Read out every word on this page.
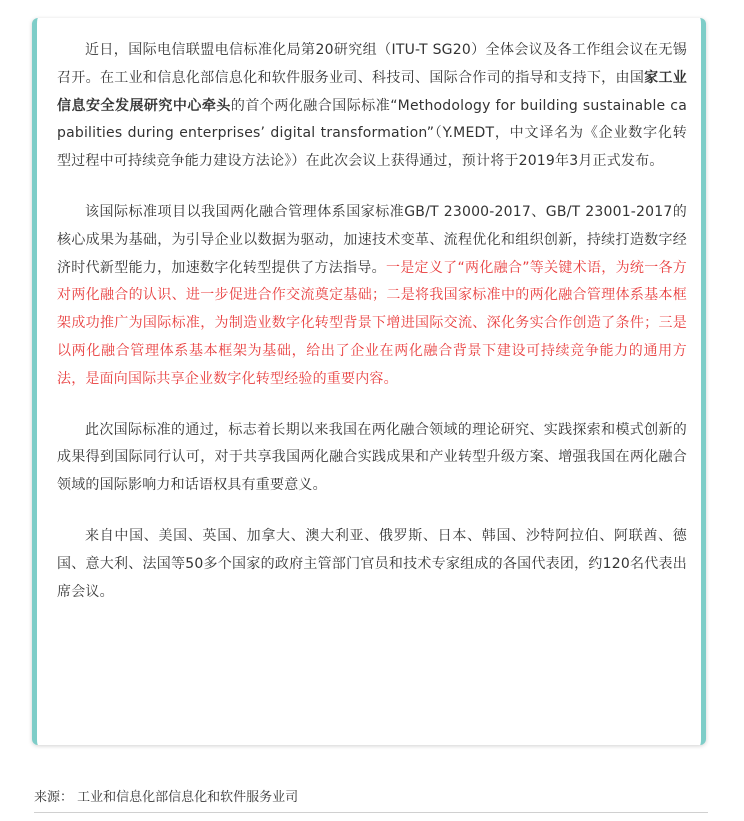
近日，国际电信联盟电信标准化局第20研究组（ITU-T SG20）全体会议及各工作组会议在无锡召开。在工业和信息化部信息化和软件服务业司、科技司、国际合作司的指导和支持下，由国家工业信息安全发展研究中心牵头的首个两化融合国际标准“Methodology for building sustainable capabilities during enterprises’ digital transformation”（Y.MEDT，中文译名为《企业数字化转型过程中可持续竞争能力建设方法论》）在此次会议上获得通过，预计将于2019年3月正式发布。

该国际标准项目以我国两化融合管理体系国家标准GB/T 23000-2017、GB/T 23001-2017的核心成果为基础，为引导企业以数据为驱动，加速技术变革、流程优化和组织创新，持续打造数字经济时代新型能力，加速数字化转型提供了方法指导。一是定义了“两化融合”等关键术语，为统一各方对两化融合的认识、进一步促进合作交流奠定基础；二是将我国家标准中的两化融合管理体系基本框架成功推广为国际标准，为制造业数字化转型背景下增进国际交流、深化务实合作创造了条件；三是以两化融合管理体系基本框架为基础，给出了企业在两化融合背景下建设可持续竞争能力的通用方法，是面向国际共享企业数字化转型经验的重要内容。

此次国际标准的通过，标志着长期以来我国在两化融合领域的理论研究、实践探索和模式创新的成果得到国际同行认可，对于共享我国两化融合实践成果和产业转型升级方案、增强我国在两化融合领域的国际影响力和话语权具有重要意义。

来自中国、美国、英国、加拿大、澳大利亚、俄罗斯、日本、韩国、沙特阿拉伯、阿联酋、德国、意大利、法国等50多个国家的政府主管部门官员和技术专家组成的各国代表团，约120名代表出席会议。

来源： 工业和信息化部信息化和软件服务业司
